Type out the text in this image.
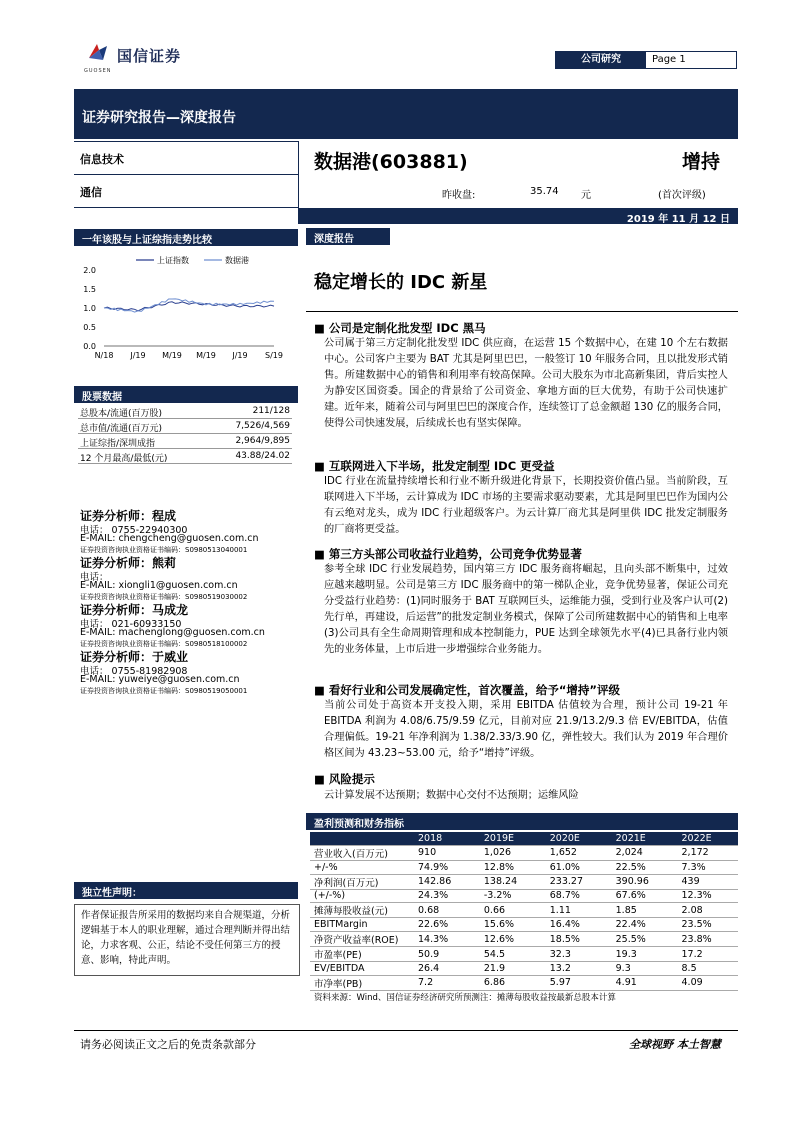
国信证券
GUOSEN
公司研究	Page 1
证券研究报告—深度报告
信息技术
通信
数据港(603881)	增持
昨收盘:	35.74 元	(首次评级)
2019 年 11 月 12 日
一年该股与上证综指走势比较
2.0
1.5
1.0
0.5
0.0
N/18 J/19 M/19 M/19 J/19 S/19
上证指数	数据港
股票数据
总股本/流通(百万股)	211/128
总市值/流通(百万元)	7,526/4,569
上证综指/深圳成指	2,964/9,895
12 个月最高/最低(元)	43.88/24.02
证券分析师：程成
电话： 0755-22940300
E-MAIL: chengcheng@guosen.com.cn
证券投资咨询执业资格证书编码：S0980513040001
证券分析师：熊莉
电话：
E-MAIL: xiongli1@guosen.com.cn
证券投资咨询执业资格证书编码：S0980519030002
证券分析师：马成龙
电话： 021-60933150
E-MAIL: machenglong@guosen.com.cn
证券投资咨询执业资格证书编码：S0980518100002
证券分析师：于威业
电话： 0755-81982908
E-MAIL: yuweiye@guosen.com.cn
证券投资咨询执业资格证书编码：S0980519050001
独立性声明：
作者保证报告所采用的数据均来自合规渠道，分析逻辑基于本人的职业理解，通过合理判断并得出结论，力求客观、公正，结论不受任何第三方的授意、影响，特此声明。
深度报告
稳定增长的 IDC 新星
■ 公司是定制化批发型 IDC 黑马
公司属于第三方定制化批发型 IDC 供应商，在运营 15 个数据中心，在建 10 个左右数据中心。公司客户主要为 BAT 尤其是阿里巴巴，一般签订 10 年服务合同，且以批发形式销售。所建数据中心的销售和利用率有较高保障。公司大股东为市北高新集团，背后实控人为静安区国资委。国企的背景给了公司资金、拿地方面的巨大优势，有助于公司快速扩建。近年来，随着公司与阿里巴巴的深度合作，连续签订了总金额超 130 亿的服务合同，使得公司快速发展，后续成长也有坚实保障。
■ 互联网进入下半场，批发定制型 IDC 更受益
IDC 行业在流量持续增长和行业不断升级进化背景下，长期投资价值凸显。当前阶段，互联网进入下半场，云计算成为 IDC 市场的主要需求驱动要素，尤其是阿里巴巴作为国内公有云绝对龙头，成为 IDC 行业超级客户。为云计算厂商尤其是阿里供 IDC 批发定制服务的厂商将更受益。
■ 第三方头部公司收益行业趋势，公司竞争优势显著
参考全球 IDC 行业发展趋势，国内第三方 IDC 服务商将崛起，且向头部不断集中，过效应越来越明显。公司是第三方 IDC 服务商中的第一梯队企业，竞争优势显著，保证公司充分受益行业趋势：(1)同时服务于 BAT 互联网巨头，运维能力强，受到行业及客户认可(2)先行单，再建设，后运营”的批发定制业务模式，保障了公司所建数据中心的销售和上电率(3)公司具有全生命周期管理和成本控制能力，PUE 达到全球领先水平(4)已具备行业内领先的业务体量，上市后进一步增强综合业务能力。
■ 看好行业和公司发展确定性，首次覆盖，给予“增持”评级
当前公司处于高资本开支投入期，采用 EBITDA 估值较为合理，预计公司 19-21 年 EBITDA 利润为 4.08/6.75/9.59 亿元，目前对应 21.9/13.2/9.3 倍 EV/EBITDA，估值合理偏低。19-21 年净利润为 1.38/2.33/3.90 亿，弹性较大。我们认为 2019 年合理价格区间为 43.23~53.00 元，给予“增持”评级。
■ 风险提示
云计算发展不达预期；数据中心交付不达预期；运维风险
盈利预测和财务指标
	2018	2019E	2020E	2021E	2022E
营业收入(百万元)	910	1,026	1,652	2,024	2,172
+/-%	74.9%	12.8%	61.0%	22.5%	7.3%
净利润(百万元)	142.86	138.24	233.27	390.96	439
(+/-%)	24.3%	-3.2%	68.7%	67.6%	12.3%
摊薄每股收益(元)	0.68	0.66	1.11	1.85	2.08
EBITMargin	22.6%	15.6%	16.4%	22.4%	23.5%
净资产收益率(ROE)	14.3%	12.6%	18.5%	25.5%	23.8%
市盈率(PE)	50.9	54.5	32.3	19.3	17.2
EV/EBITDA	26.4	21.9	13.2	9.3	8.5
市净率(PB)	7.2	6.86	5.97	4.91	4.09
资料来源：Wind、国信证券经济研究所预测注：摊薄每股收益按最新总股本计算
请务必阅读正文之后的免责条款部分	全球视野 本土智慧
